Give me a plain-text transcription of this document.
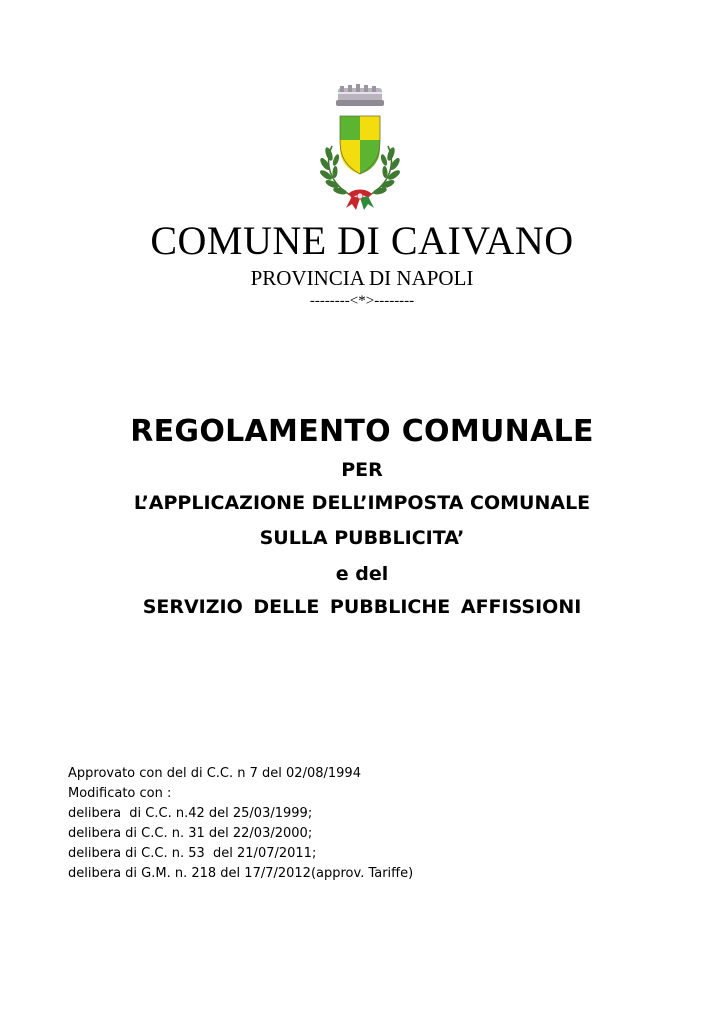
COMUNE DI CAIVANO
PROVINCIA DI NAPOLI
--------<*>--------
REGOLAMENTO COMUNALE
PER
L’APPLICAZIONE DELL’IMPOSTA COMUNALE
SULLA PUBBLICITA’
e del
SERVIZIO DELLE PUBBLICHE AFFISSIONI
Approvato con del di C.C. n 7 del 02/08/1994
Modificato con :
delibera  di C.C. n.42 del 25/03/1999;
delibera di C.C. n. 31 del 22/03/2000;
delibera di C.C. n. 53  del 21/07/2011;
delibera di G.M. n. 218 del 17/7/2012(approv. Tariffe)
